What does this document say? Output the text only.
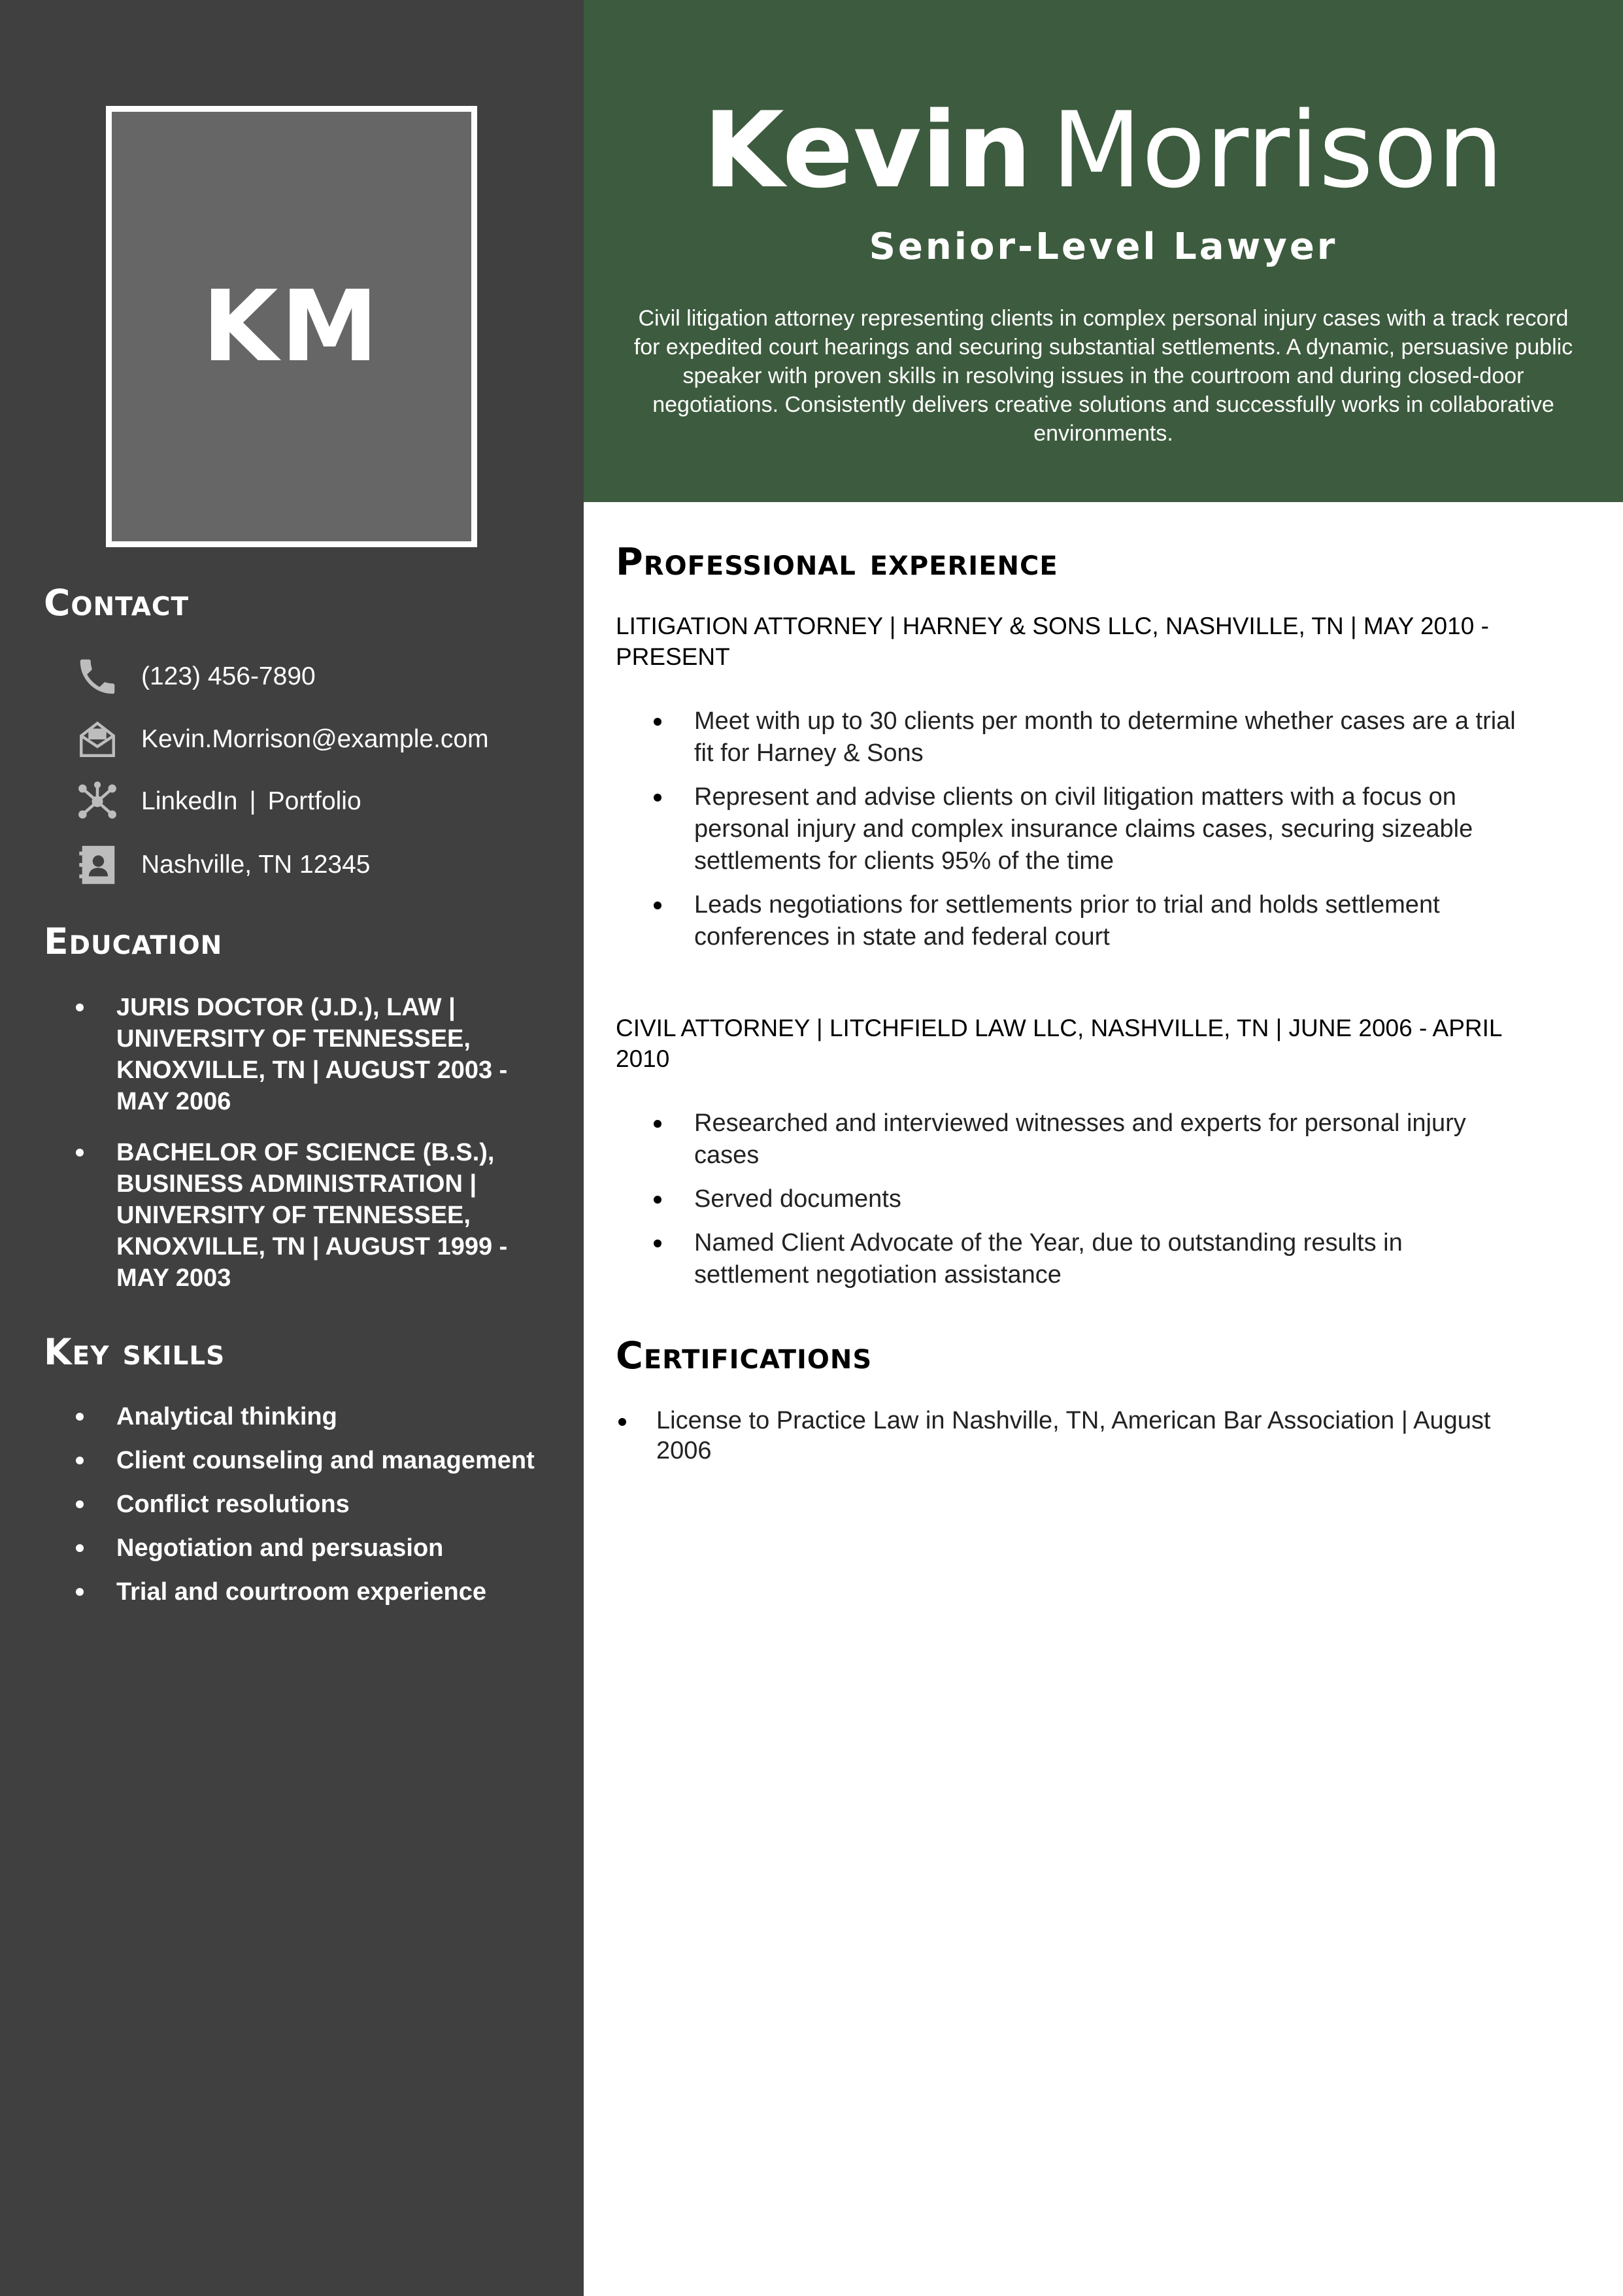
KM
Contact
(123) 456-7890
Kevin.Morrison@example.com
LinkedIn | Portfolio
Nashville, TN 12345
Education
JURIS DOCTOR (J.D.), LAW | UNIVERSITY OF TENNESSEE, KNOXVILLE, TN | AUGUST 2003 - MAY 2006
BACHELOR OF SCIENCE (B.S.), BUSINESS ADMINISTRATION | UNIVERSITY OF TENNESSEE, KNOXVILLE, TN | AUGUST 1999 - MAY 2003
Key skills
Analytical thinking
Client counseling and management
Conflict resolutions
Negotiation and persuasion
Trial and courtroom experience
Kevin Morrison
Senior-Level Lawyer

Civil litigation attorney representing clients in complex personal injury cases with a track record for expedited court hearings and securing substantial settlements. A dynamic, persuasive public speaker with proven skills in resolving issues in the courtroom and during closed-door negotiations. Consistently delivers creative solutions and successfully works in collaborative environments.

Professional experience

LITIGATION ATTORNEY | HARNEY & SONS LLC, NASHVILLE, TN | MAY 2010 - PRESENT

Meet with up to 30 clients per month to determine whether cases are a trial fit for Harney & Sons
Represent and advise clients on civil litigation matters with a focus on personal injury and complex insurance claims cases, securing sizeable settlements for clients 95% of the time
Leads negotiations for settlements prior to trial and holds settlement conferences in state and federal court

CIVIL ATTORNEY | LITCHFIELD LAW LLC, NASHVILLE, TN | JUNE 2006 - APRIL 2010

Researched and interviewed witnesses and experts for personal injury cases
Served documents
Named Client Advocate of the Year, due to outstanding results in settlement negotiation assistance
Certifications
License to Practice Law in Nashville, TN, American Bar Association | August 2006
